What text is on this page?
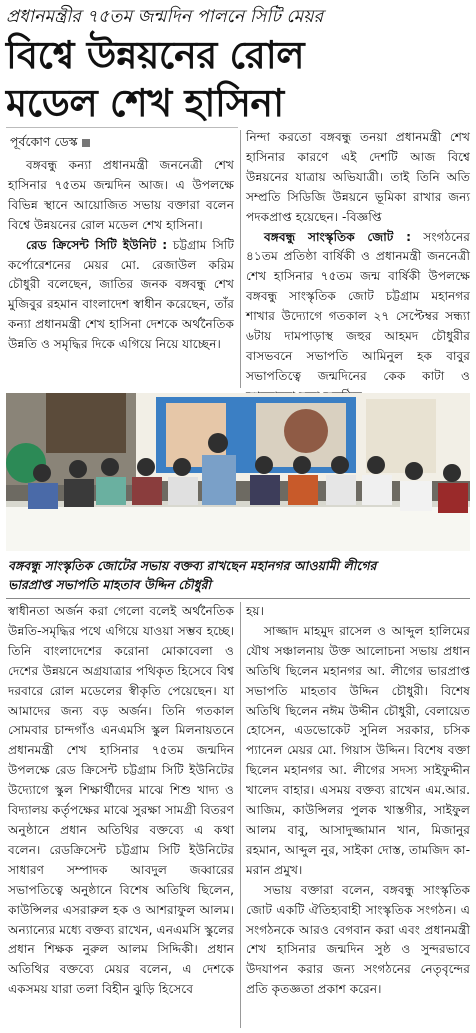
প্রধানমন্ত্রীর ৭৫তম জন্মদিন পালনে সিটি মেয়র
বিশ্বে উন্নয়নের রোল
মডেল শেখ হাসিনা
পূর্বকোণ ডেস্ক

বঙ্গবন্ধু কন্যা প্রধানমন্ত্রী জননেত্রী শেখ হাসিনার ৭৫তম জন্মদিন আজ। এ উপলক্ষে বিভিন্ন স্থানে আয়োজিত সভায় বক্তারা বলেন বিশ্বে উন্নয়নের রোল মডেল শেখ হাসিনা।

রেড ক্রিসেন্ট সিটি ইউনিট : চট্টগ্রাম সিটি কর্পোরেশনের মেয়র মো. রেজাউল করিম চৌধুরী বলেছেন, জাতির জনক বঙ্গবন্ধু শেখ মুজিবুর রহমান বাংলাদেশ স্বাধীন করেছেন, তাঁর কন্যা প্রধানমন্ত্রী শেখ হাসিনা দেশকে অর্থনৈতিক উন্নতি ও সমৃদ্ধির দিকে এগিয়ে নিয়ে যাচ্ছেন।

নিন্দা করতো বঙ্গবন্ধু তনয়া প্রধানমন্ত্রী শেখ হাসিনার কারণে এই দেশটি আজ বিশ্বে উন্নয়নের যাত্রায় অভিযাত্রী। তাই তিনি অতি সম্প্রতি সিডিজি উন্নয়নে ভূমিকা রাখার জন্য পদকপ্রাপ্ত হয়েছেন। -বিজ্ঞপ্তি

বঙ্গবন্ধু সাংস্কৃতিক জোট : সংগঠনের ৪১তম প্রতিষ্ঠা বার্ষিকী ও প্রধানমন্ত্রী জননেত্রী শেখ হাসিনার ৭৫তম জন্ম বার্ষিকী উপলক্ষে বঙ্গবন্ধু সাংস্কৃতিক জোট চট্টগ্রাম মহানগর শাখার উদ্যোগে গতকাল ২৭ সেপ্টেম্বর সন্ধ্যা ৬টায় দামপাড়াস্থ জহুর আহমদ চৌধুরীর বাসভবনে সভাপতি আমিনুল হক বাবুর সভাপতিত্বে জন্মদিনের কেক কাটা ও

বঙ্গবন্ধু সাংস্কৃতিক জোটের সভায় বক্তব্য রাখছেন মহানগর আওয়ামী লীগের
ভারপ্রাপ্ত সভাপতি মাহতাব উদ্দিন চৌধুরী

স্বাধীনতা অর্জন করা গেলো বলেই অর্থনৈতিক উন্নতি-সমৃদ্ধির পথে এগিয়ে যাওয়া সম্ভব হচ্ছে। তিনি বাংলাদেশের করোনা মোকাবেলা ও দেশের উন্নয়নে অগ্রযাত্রার পথিকৃত হিসেবে বিশ্ব দরবারে রোল মডেলের স্বীকৃতি পেয়েছেন। যা আমাদের জন্য বড় অর্জন। তিনি গতকাল সোমবার চান্দগাঁও এনএমসি স্কুল মিলনায়তনে প্রধানমন্ত্রী শেখ হাসিনার ৭৫তম জন্মদিন উপলক্ষে রেড ক্রিসেন্ট চট্টগ্রাম সিটি ইউনিটের উদ্যোগে স্কুল শিক্ষার্থীদের মাঝে শিশু খাদ্য ও বিদ্যালয় কর্তৃপক্ষের মাঝে সুরক্ষা সামগ্রী বিতরণ অনুষ্ঠানে প্রধান অতিথির বক্তব্যে এ কথা বলেন। রেডক্রিসেন্ট চট্টগ্রাম সিটি ইউনিটের সাধারণ সম্পাদক আবদুল জব্বারের সভাপতিত্বে অনুষ্ঠানে বিশেষ অতিথি ছিলেন, কাউন্সিলর এসরারুল হক ও আশরাফুল আলম। অন্যান্যের মধ্যে বক্তব্য রাখেন, এনএমসি স্কুলের প্রধান শিক্ষক নুরুল আলম সিদ্দিকী। প্রধান অতিথির বক্তব্যে মেয়র বলেন, এ দেশকে একসময় যারা তলা বিহীন ঝুড়ি হিসেবে

হয়।

সাজ্জাদ মাহমুদ রাসেল ও আব্দুল হালিমের যৌথ সঞ্চালনায় উক্ত আলোচনা সভায় প্রধান অতিথি ছিলেন মহানগর আ. লীগের ভারপ্রাপ্ত সভাপতি মাহতাব উদ্দিন চৌধুরী। বিশেষ অতিথি ছিলেন নঈম উদ্দীন চৌধুরী, বেলায়েত হোসেন, এডভোকেট সুনিল সরকার, চসিক প্যানেল মেয়র মো. গিয়াস উদ্দিন। বিশেষ বক্তা ছিলেন মহানগর আ. লীগের সদস্য সাইফুদ্দীন খালেদ বাহার। এসময় বক্তব্য রাখেন এম.আর. আজিম, কাউন্সিলর পুলক খাস্তগীর, সাইফুল আলম বাবু, আসাদুজ্জামান খান, মিজানুর রহমান, আব্দুল নুর, সাইকা দোস্ত, তামজিদ কা-মরান প্রমুখ।

সভায় বক্তারা বলেন, বঙ্গবন্ধু সাংস্কৃতিক জোট একটি ঐতিহ্যবাহী সাংস্কৃতিক সংগঠন। এ সংগঠনকে আরও বেগবান করা এবং প্রধানমন্ত্রী শেখ হাসিনার জন্মদিন সুষ্ঠ ও সুন্দরভাবে উদযাপন করার জন্য সংগঠনের নেতৃবৃন্দের প্রতি কৃতজ্ঞতা প্রকাশ করেন।
